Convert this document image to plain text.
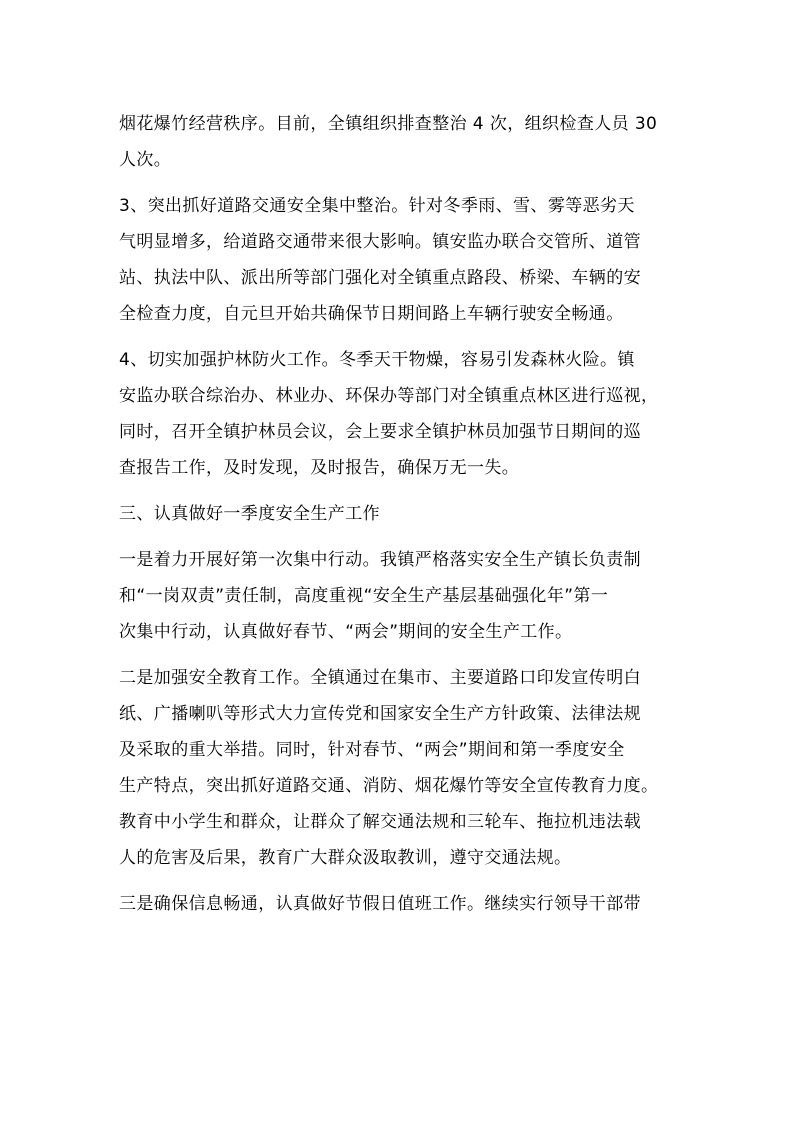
烟花爆竹经营秩序。目前，全镇组织排查整治 4 次，组织检查人员 30
人次。

3、突出抓好道路交通安全集中整治。针对冬季雨、雪、雾等恶劣天
气明显增多，给道路交通带来很大影响。镇安监办联合交管所、道管
站、执法中队、派出所等部门强化对全镇重点路段、桥梁、车辆的安
全检查力度，自元旦开始共确保节日期间路上车辆行驶安全畅通。

4、切实加强护林防火工作。冬季天干物燥，容易引发森林火险。镇
安监办联合综治办、林业办、环保办等部门对全镇重点林区进行巡视，
同时，召开全镇护林员会议，会上要求全镇护林员加强节日期间的巡
查报告工作，及时发现，及时报告，确保万无一失。

三、认真做好一季度安全生产工作

一是着力开展好第一次集中行动。我镇严格落实安全生产镇长负责制
和“一岗双责”责任制，高度重视“安全生产基层基础强化年”第一
次集中行动，认真做好春节、“两会”期间的安全生产工作。

二是加强安全教育工作。全镇通过在集市、主要道路口印发宣传明白
纸、广播喇叭等形式大力宣传党和国家安全生产方针政策、法律法规
及采取的重大举措。同时，针对春节、“两会”期间和第一季度安全
生产特点，突出抓好道路交通、消防、烟花爆竹等安全宣传教育力度。
教育中小学生和群众，让群众了解交通法规和三轮车、拖拉机违法载
人的危害及后果，教育广大群众汲取教训，遵守交通法规。

三是确保信息畅通，认真做好节假日值班工作。继续实行领导干部带
